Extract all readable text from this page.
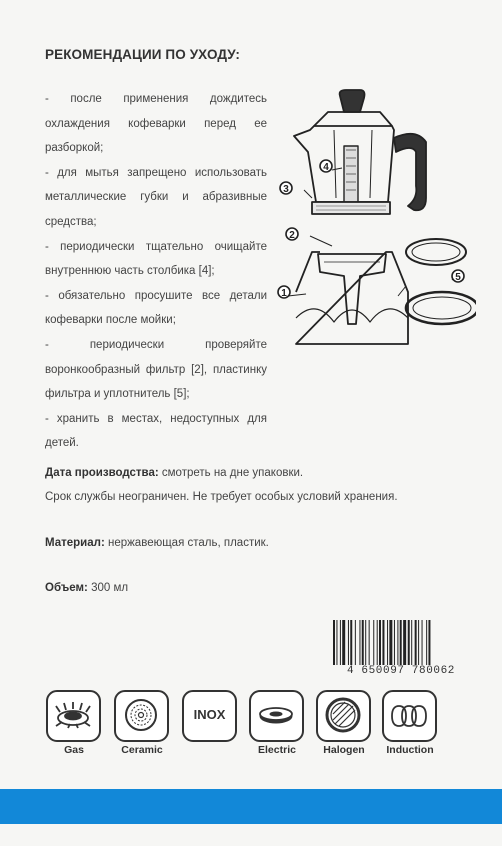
РЕКОМЕНДАЦИИ ПО УХОДУ:

- после применения дождитесь охлаждения кофеварки перед ее разборкой;

- для мытья запрещено использовать металлические губки и абразивные средства;

- периодически тщательно очищайте внутреннюю часть столбика [4];

- обязательно просушите все детали кофеварки после мойки;

- периодически проверяйте воронкообразный фильтр [2], пластинку фильтра и уплотнитель [5];

- хранить в местах, недоступных для детей.

1
2
3
4
5
Дата производства: смотреть на дне упаковки.
Срок службы неограничен. Не требует особых условий хранения.
Материал: нержавеющая сталь, пластик.
Объем: 300 мл
4 650097 780062
Gas	Ceramic
INOX
Electric	Halogen	Induction
